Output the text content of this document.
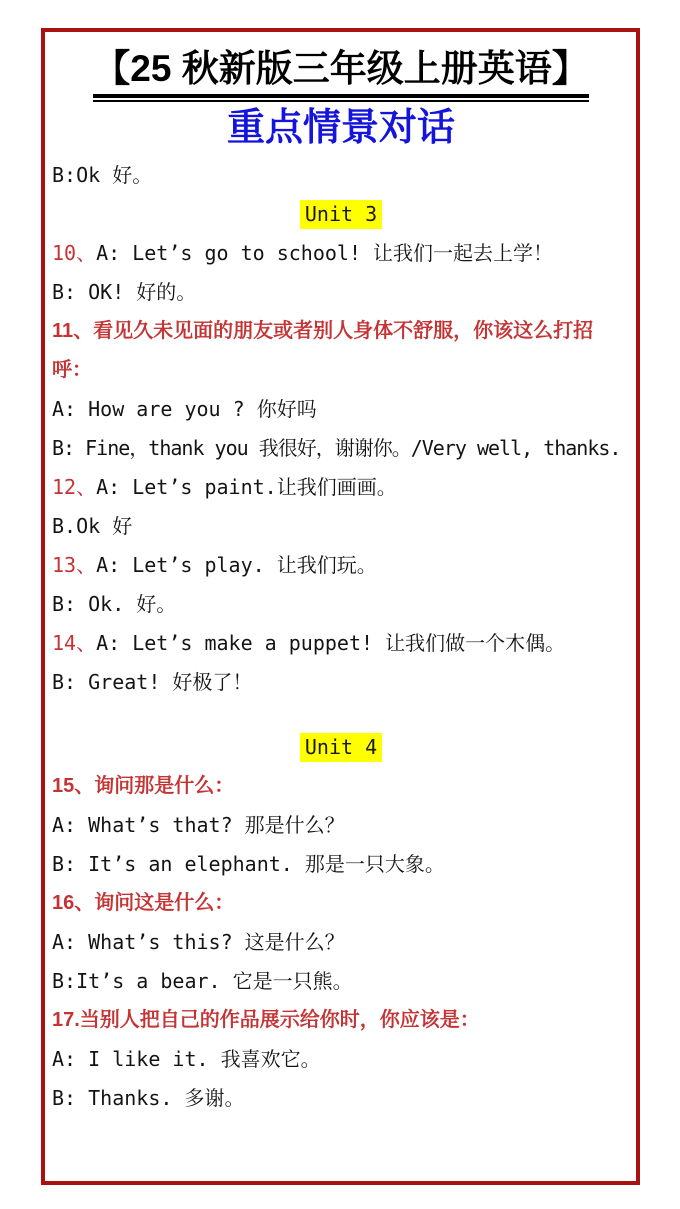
【25 秋新版三年级上册英语】
重点情景对话

B:Ok 好。

Unit 3

10、A: Let’s go to school! 让我们一起去上学！

B: OK! 好的。

11、看见久未见面的朋友或者别人身体不舒服，你该这么打招呼：

A: How are you ? 你好吗

B: Fine，thank you 我很好，谢谢你。/Very well, thanks.

12、A: Let’s paint.让我们画画。

B.Ok 好

13、A: Let’s play. 让我们玩。

B: Ok. 好。

14、A: Let’s make a puppet! 让我们做一个木偶。

B: Great! 好极了！

Unit 4

15、询问那是什么：

A: What’s that? 那是什么？

B: It’s an elephant. 那是一只大象。

16、询问这是什么：

A: What’s this? 这是什么？

B:It’s a bear. 它是一只熊。

17.当别人把自己的作品展示给你时，你应该是：

A: I like it. 我喜欢它。

B: Thanks. 多谢。
